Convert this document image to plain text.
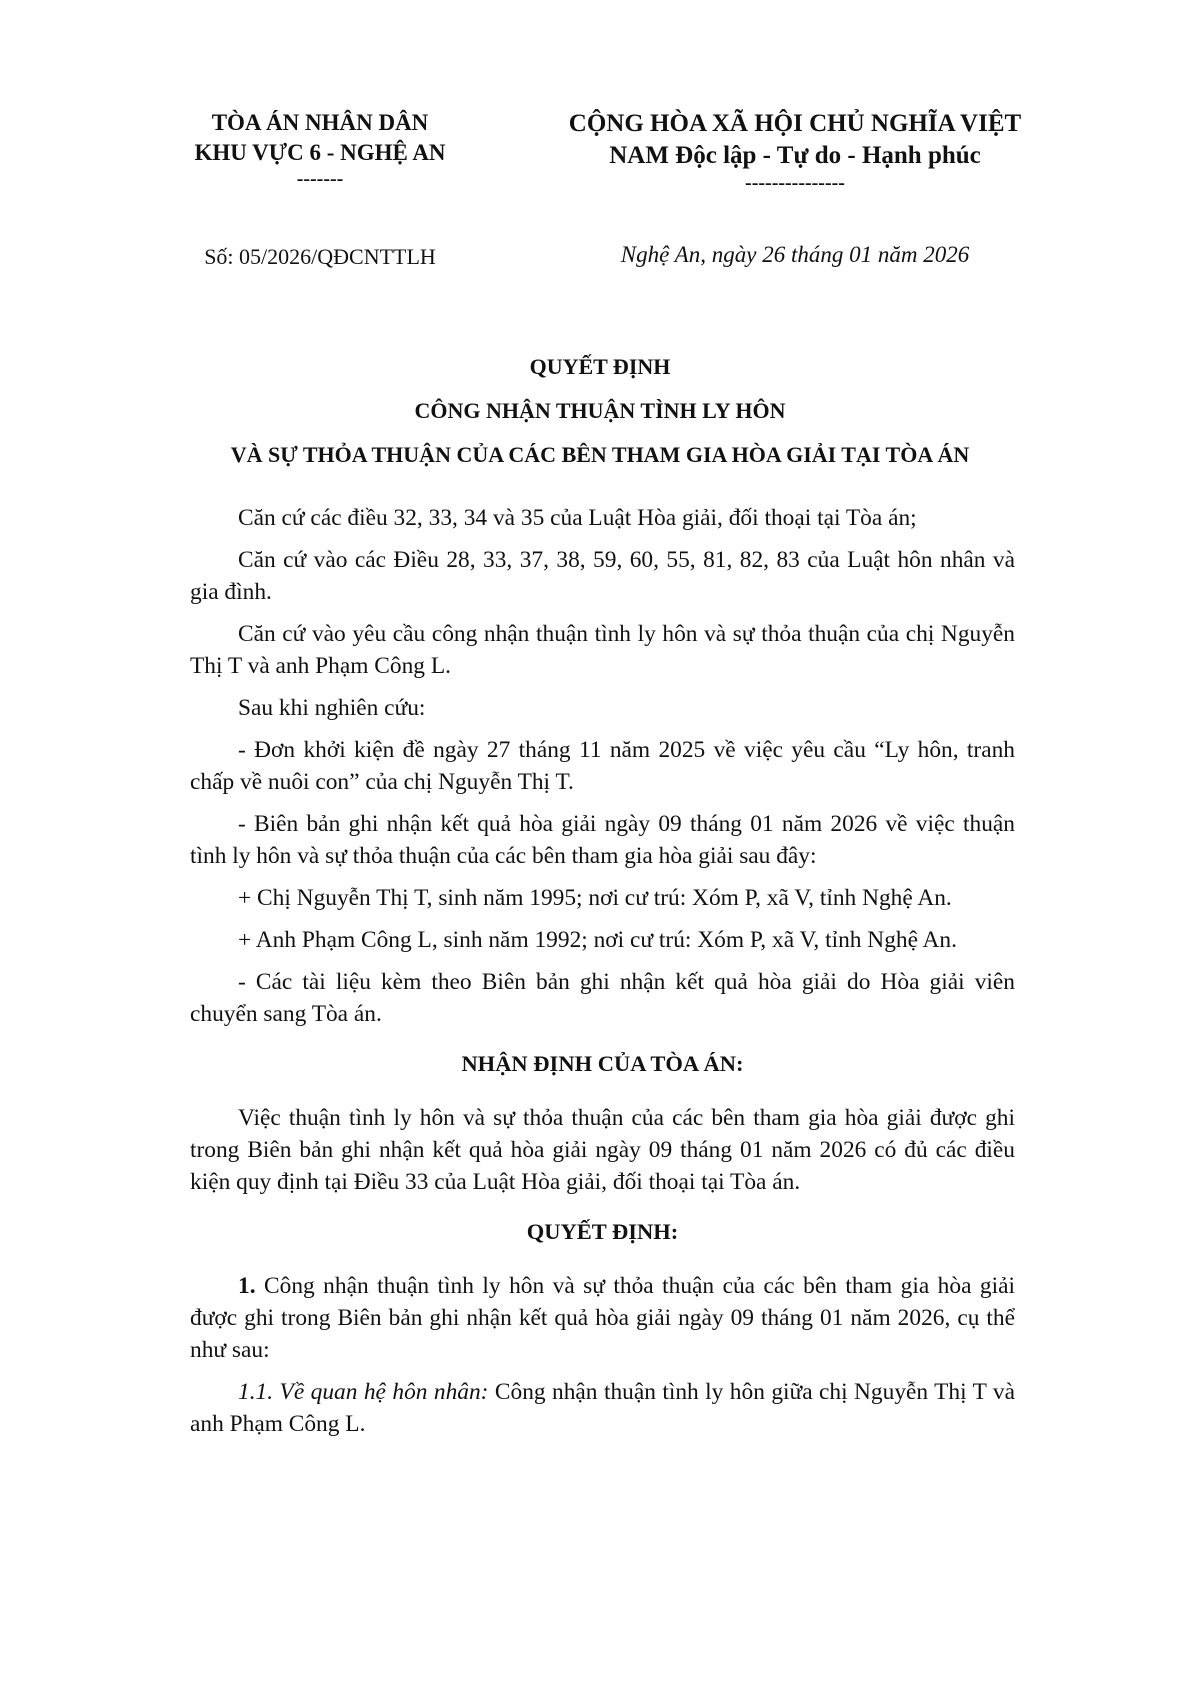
TÒA ÁN NHÂN DÂN
KHU VỰC 6 - NGHỆ AN
-------
CỘNG HÒA XÃ HỘI CHỦ NGHĨA VIỆT
NAM Độc lập - Tự do - Hạnh phúc
---------------
Số: 05/2026/QĐCNTTLH	Nghệ An, ngày 26 tháng 01 năm 2026
QUYẾT ĐỊNH
CÔNG NHẬN THUẬN TÌNH LY HÔN
VÀ SỰ THỎA THUẬN CỦA CÁC BÊN THAM GIA HÒA GIẢI TẠI TÒA ÁN

Căn cứ các điều 32, 33, 34 và 35 của Luật Hòa giải, đối thoại tại Tòa án;

Căn cứ vào các Điều 28, 33, 37, 38, 59, 60, 55, 81, 82, 83 của Luật hôn nhân và gia đình.

Căn cứ vào yêu cầu công nhận thuận tình ly hôn và sự thỏa thuận của chị Nguyễn Thị T và anh Phạm Công L.

Sau khi nghiên cứu:

- Đơn khởi kiện đề ngày 27 tháng 11 năm 2025 về việc yêu cầu “Ly hôn, tranh chấp về nuôi con” của chị Nguyễn Thị T.

- Biên bản ghi nhận kết quả hòa giải ngày 09 tháng 01 năm 2026 về việc thuận tình ly hôn và sự thỏa thuận của các bên tham gia hòa giải sau đây:

+ Chị Nguyễn Thị T, sinh năm 1995; nơi cư trú: Xóm P, xã V, tỉnh Nghệ An.

+ Anh Phạm Công L, sinh năm 1992; nơi cư trú: Xóm P, xã V, tỉnh Nghệ An.

- Các tài liệu kèm theo Biên bản ghi nhận kết quả hòa giải do Hòa giải viên chuyển sang Tòa án.

NHẬN ĐỊNH CỦA TÒA ÁN:

Việc thuận tình ly hôn và sự thỏa thuận của các bên tham gia hòa giải được ghi trong Biên bản ghi nhận kết quả hòa giải ngày 09 tháng 01 năm 2026 có đủ các điều kiện quy định tại Điều 33 của Luật Hòa giải, đối thoại tại Tòa án.

QUYẾT ĐỊNH:

1. Công nhận thuận tình ly hôn và sự thỏa thuận của các bên tham gia hòa giải được ghi trong Biên bản ghi nhận kết quả hòa giải ngày 09 tháng 01 năm 2026, cụ thể như sau:

1.1. Về quan hệ hôn nhân: Công nhận thuận tình ly hôn giữa chị Nguyễn Thị T và anh Phạm Công L.
